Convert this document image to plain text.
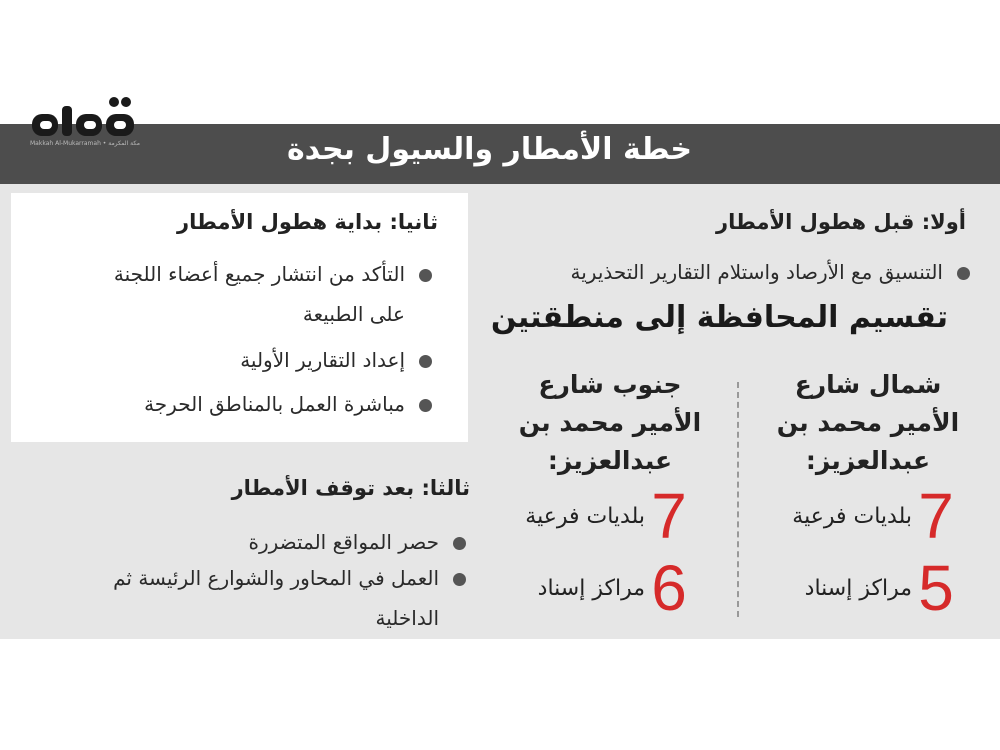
Makkah Al-Mukarramah • مكة المكرمة	خطة الأمطار والسيول بجدة
أولا: قبل هطول الأمطار
التنسيق مع الأرصاد واستلام التقارير التحذيرية
ثانيا: بداية هطول الأمطار
التأكد من انتشار جميع أعضاء اللجنة
على الطبيعة
إعداد التقارير الأولية
مباشرة العمل بالمناطق الحرجة
ثالثا: بعد توقف الأمطار
حصر المواقع المتضررة
العمل في المحاور والشوارع الرئيسة ثم
الداخلية
تقسيم المحافظة إلى منطقتين
شمال شارع
الأمير محمد بن
عبدالعزيز:
جنوب شارع
الأمير محمد بن
عبدالعزيز:
7
بلديات فرعية
5
مراكز إسناد
7
بلديات فرعية
6
مراكز إسناد
